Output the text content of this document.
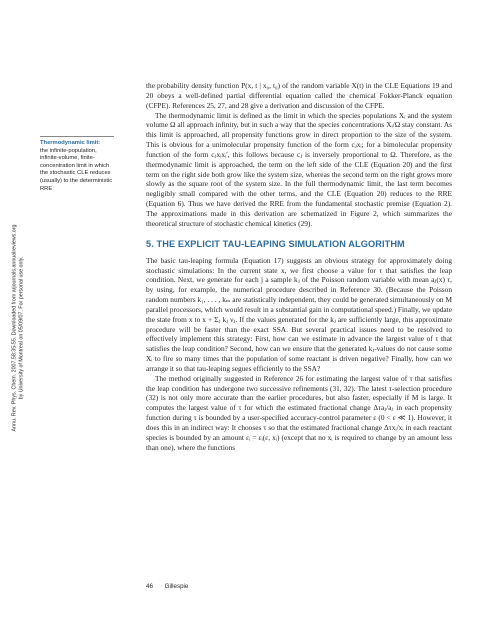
Annu. Rev. Phys. Chem. 2007.58:35-55. Downloaded from arjournals.annualreviews.org by University of Montreal on 05/09/07. For personal use only.
Thermodynamic limit:
the infinite-population, infinite-volume, finite-concentration limit in which the stochastic CLE reduces (usually) to the deterministic RRE

the probability density function P(x, t | x₀, t₀) of the random variable X(t) in the CLE Equations 19 and 20 obeys a well-defined partial differential equation called the chemical Fokker-Planck equation (CFPE). References 25, 27, and 28 give a derivation and discussion of the CFPE.

The thermodynamic limit is defined as the limit in which the species populations Xᵢ and the system volume Ω all approach infinity, but in such a way that the species concentrations Xᵢ/Ω stay constant. As this limit is approached, all propensity functions grow in direct proportion to the size of the system. This is obvious for a unimolecular propensity function of the form cⱼxᵢ; for a bimolecular propensity function of the form cⱼxᵢxᵢ′, this follows because cⱼ is inversely proportional to Ω. Therefore, as the thermodynamic limit is approached, the term on the left side of the CLE (Equation 20) and the first term on the right side both grow like the system size, whereas the second term on the right grows more slowly as the square root of the system size. In the full thermodynamic limit, the last term becomes negligibly small compared with the other terms, and the CLE (Equation 20) reduces to the RRE (Equation 6). Thus we have derived the RRE from the fundamental stochastic premise (Equation 2). The approximations made in this derivation are schematized in Figure 2, which summarizes the theoretical structure of stochastic chemical kinetics (29).

5. THE EXPLICIT TAU-LEAPING SIMULATION ALGORITHM

The basic tau-leaping formula (Equation 17) suggests an obvious strategy for approximately doing stochastic simulations: In the current state x, we first choose a value for τ that satisfies the leap condition. Next, we generate for each j a sample kⱼ of the Poisson random variable with mean aⱼ(x) τ, by using, for example, the numerical procedure described in Reference 30. (Because the Poisson random numbers k₁, . . . , kₘ are statistically independent, they could be generated simultaneously on M parallel processors, which would result in a substantial gain in computational speed.) Finally, we update the state from x to x + Σⱼ kⱼ νⱼ. If the values generated for the kⱼ are sufficiently large, this approximate procedure will be faster than the exact SSA. But several practical issues need to be resolved to effectively implement this strategy: First, how can we estimate in advance the largest value of τ that satisfies the leap condition? Second, how can we ensure that the generated kⱼ-values do not cause some Xᵢ to fire so many times that the population of some reactant is driven negative? Finally, how can we arrange it so that tau-leaping segues efficiently to the SSA?

The method originally suggested in Reference 26 for estimating the largest value of τ that satisfies the leap condition has undergone two successive refinements (31, 32). The latest τ-selection procedure (32) is not only more accurate than the earlier procedures, but also faster, especially if M is large. It computes the largest value of τ for which the estimated fractional change Δτaⱼ/aⱼ in each propensity function during τ is bounded by a user-specified accuracy-control parameter ε (0 < ε ≪ 1). However, it does this in an indirect way: It chooses τ so that the estimated fractional change Δτxᵢ/xᵢ in each reactant species is bounded by an amount εᵢ = εᵢ(ε, xᵢ) (except that no xᵢ is required to change by an amount less than one), where the functions

46 Gillespie
